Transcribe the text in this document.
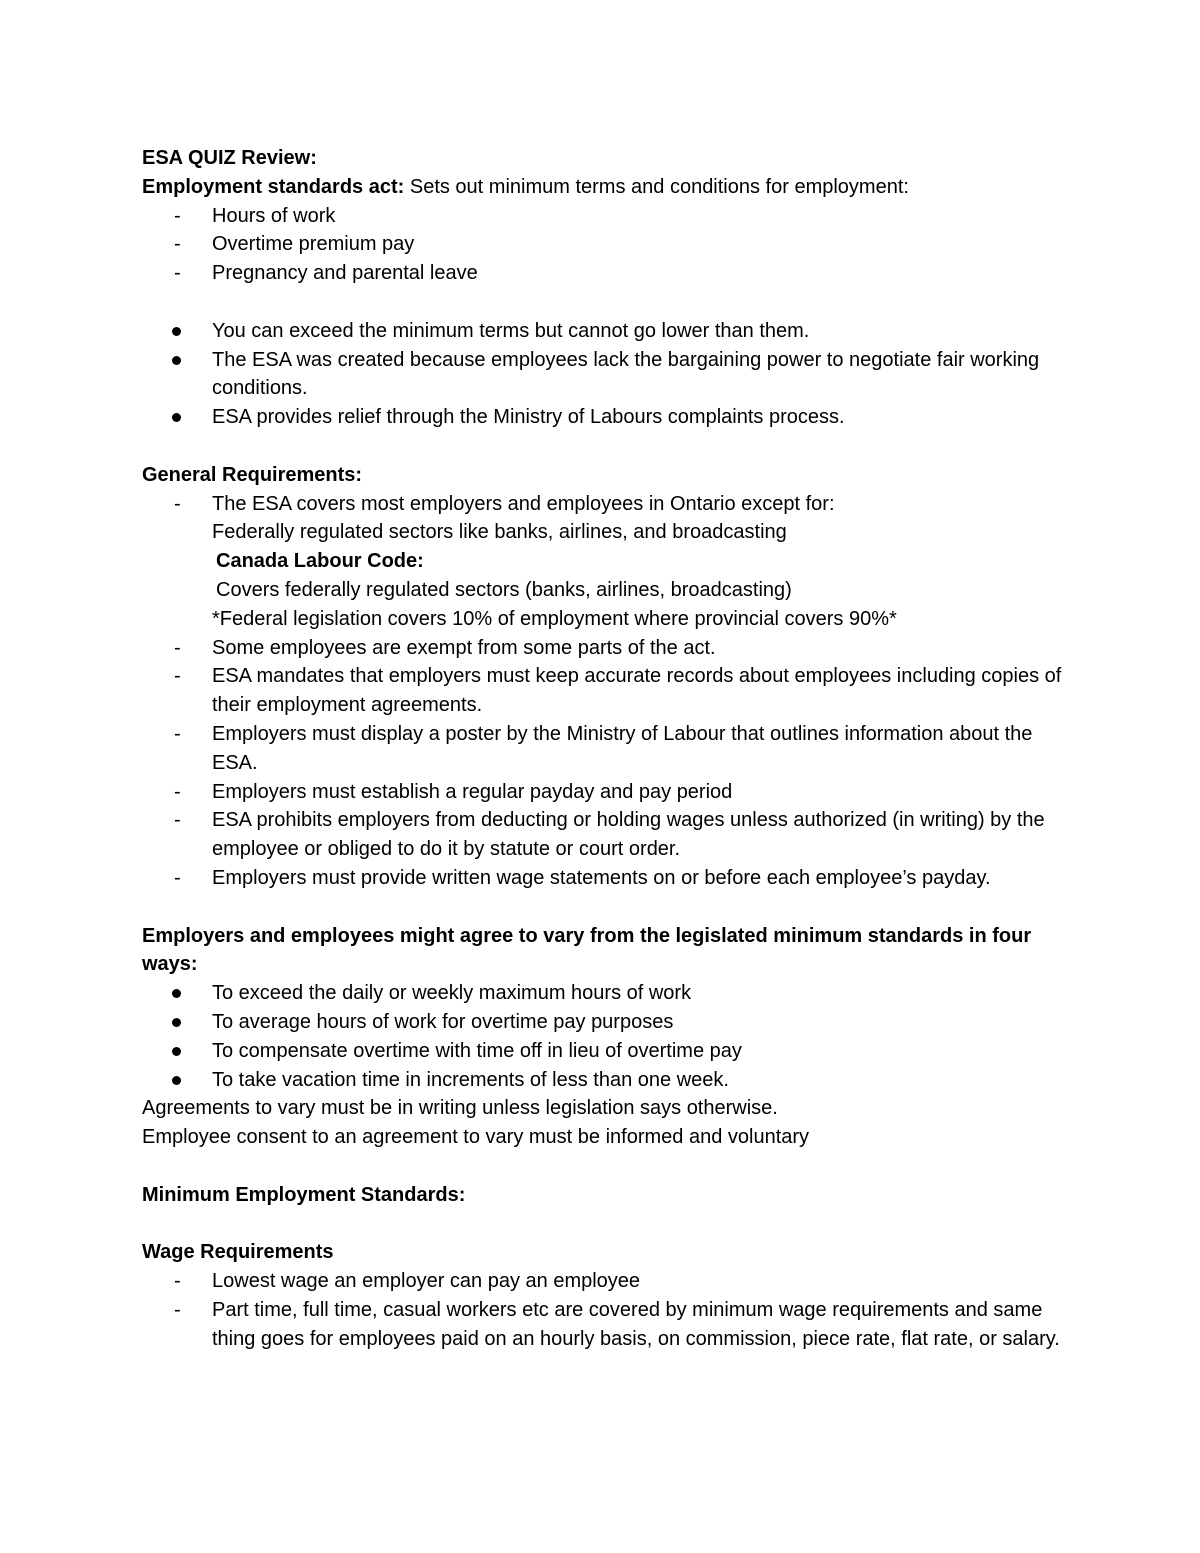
ESA QUIZ Review:

Employment standards act: Sets out minimum terms and conditions for employment:

- Hours of work
- Overtime premium pay
- Pregnancy and parental leave
You can exceed the minimum terms but cannot go lower than them.
The ESA was created because employees lack the bargaining power to negotiate fair working conditions.
ESA provides relief through the Ministry of Labours complaints process.

General Requirements:

- The ESA covers most employers and employees in Ontario except for:

Federally regulated sectors like banks, airlines, and broadcasting

Canada Labour Code:

Covers federally regulated sectors (banks, airlines, broadcasting)

*Federal legislation covers 10% of employment where provincial covers 90%*

- Some employees are exempt from some parts of the act.
- ESA mandates that employers must keep accurate records about employees including copies of their employment agreements.
- Employers must display a poster by the Ministry of Labour that outlines information about the ESA.
- Employers must establish a regular payday and pay period
- ESA prohibits employers from deducting or holding wages unless authorized (in writing) by the employee or obliged to do it by statute or court order.
- Employers must provide written wage statements on or before each employee’s payday.

Employers and employees might agree to vary from the legislated minimum standards in four ways:

To exceed the daily or weekly maximum hours of work
To average hours of work for overtime pay purposes
To compensate overtime with time off in lieu of overtime pay
To take vacation time in increments of less than one week.

Agreements to vary must be in writing unless legislation says otherwise.

Employee consent to an agreement to vary must be informed and voluntary

Minimum Employment Standards:

Wage Requirements

- Lowest wage an employer can pay an employee
- Part time, full time, casual workers etc are covered by minimum wage requirements and same thing goes for employees paid on an hourly basis, on commission, piece rate, flat rate, or salary.
